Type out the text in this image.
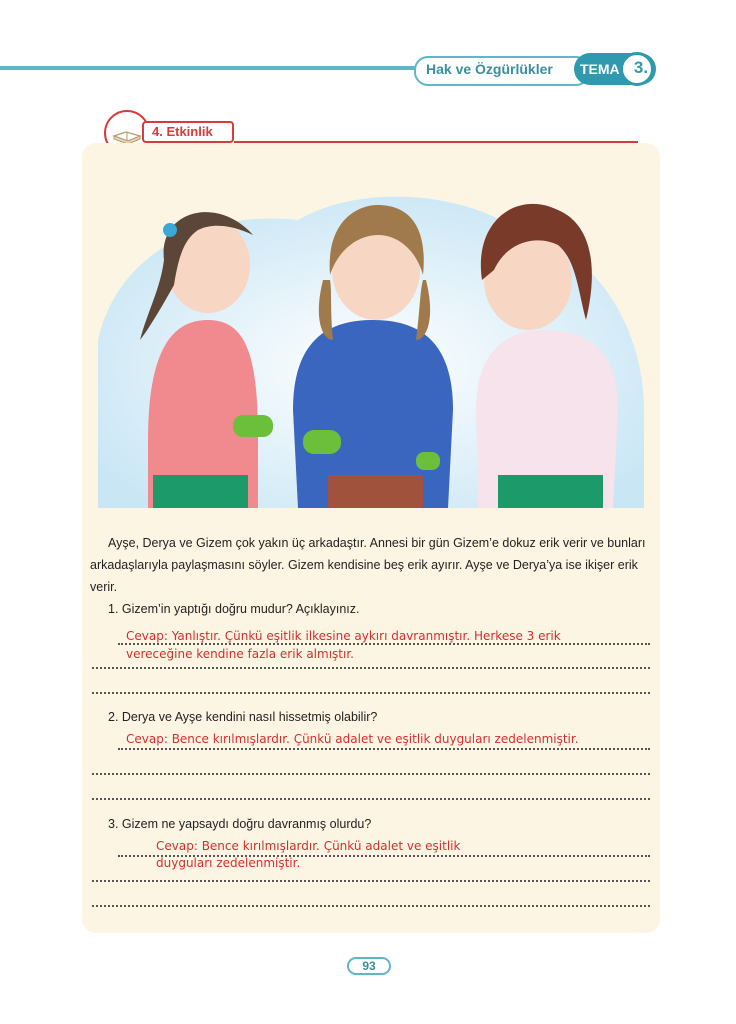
Hak ve Özgürlükler TEMA 3.
4. Etkinlik

Ayşe, Derya ve Gizem çok yakın üç arkadaştır. Annesi bir gün Gizem’e dokuz erik verir ve bunları arkadaşlarıyla paylaşmasını söyler. Gizem kendisine beş erik ayırır. Ayşe ve Derya’ya ise ikişer erik verir.

1. Gizem’in yaptığı doğru mudur? Açıklayınız.
Cevap: Yanlıştır. Çünkü eşitlik ilkesine aykırı davranmıştır. Herkese 3 erik
vereceğine kendine fazla erik almıştır.
2. Derya ve Ayşe kendini nasıl hissetmiş olabilir?
Cevap: Bence kırılmışlardır. Çünkü adalet ve eşitlik duyguları zedelenmiştir.
3. Gizem ne yapsaydı doğru davranmış olurdu?
Cevap: Bence kırılmışlardır. Çünkü adalet ve eşitlik
duyguları zedelenmiştir.
93
